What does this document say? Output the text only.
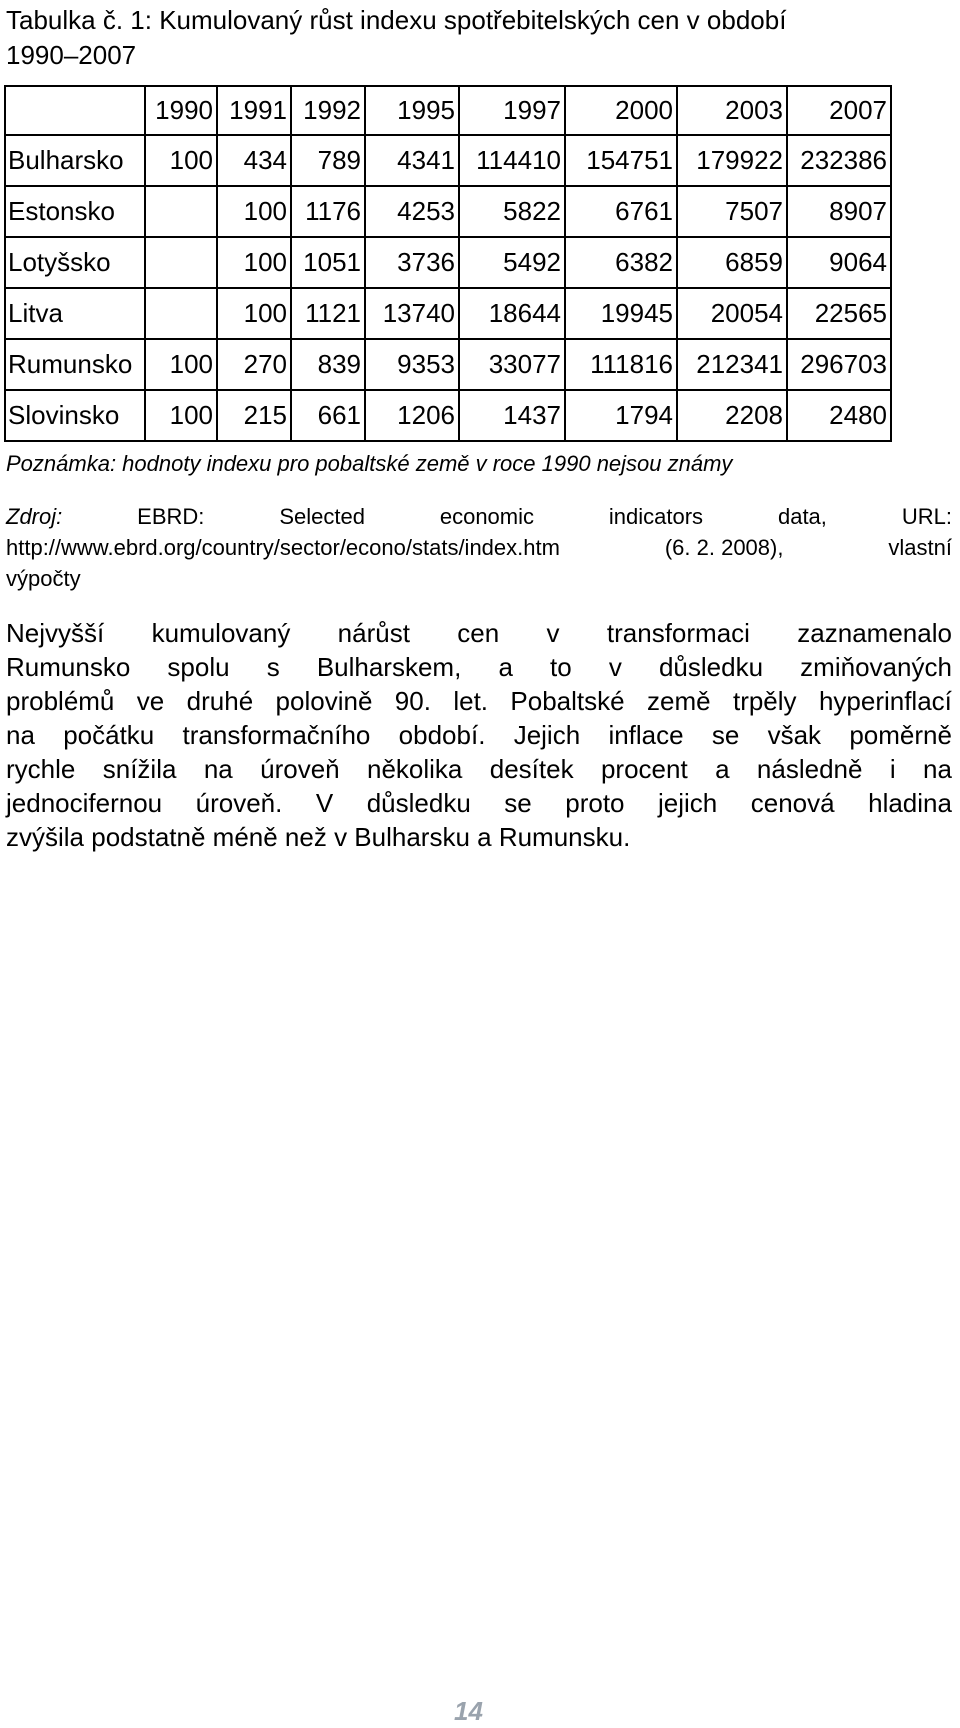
Tabulka č. 1: Kumulovaný růst indexu spotřebitelských cen v období
1990–2007
	1990	1991	1992	1995	1997	2000	2003	2007
Bulharsko	100	434	789	4341	114410	154751	179922	232386
Estonsko		100	1176	4253	5822	6761	7507	8907
Lotyšsko		100	1051	3736	5492	6382	6859	9064
Litva		100	1121	13740	18644	19945	20054	22565
Rumunsko	100	270	839	9353	33077	111816	212341	296703
Slovinsko	100	215	661	1206	1437	1794	2208	2480
Poznámka: hodnoty indexu pro pobaltské země v roce 1990 nejsou známy
Zdroj:	EBRD:	Selected	economic	indicators	data,	URL:
http://www.ebrd.org/country/sector/econo/stats/index.htm	(6. 2. 2008),	vlastní
výpočty
Nejvyšší kumulovaný nárůst cen v transformaci zaznamenalo
Rumunsko spolu s Bulharskem, a to v důsledku zmiňovaných
problémů ve druhé polovině 90. let. Pobaltské země trpěly hyperinflací
na počátku transformačního období. Jejich inflace se však poměrně
rychle snížila na úroveň několika desítek procent a následně i na
jednocifernou úroveň. V důsledku se proto jejich cenová hladina
zvýšila podstatně méně než v Bulharsku a Rumunsku.
14
